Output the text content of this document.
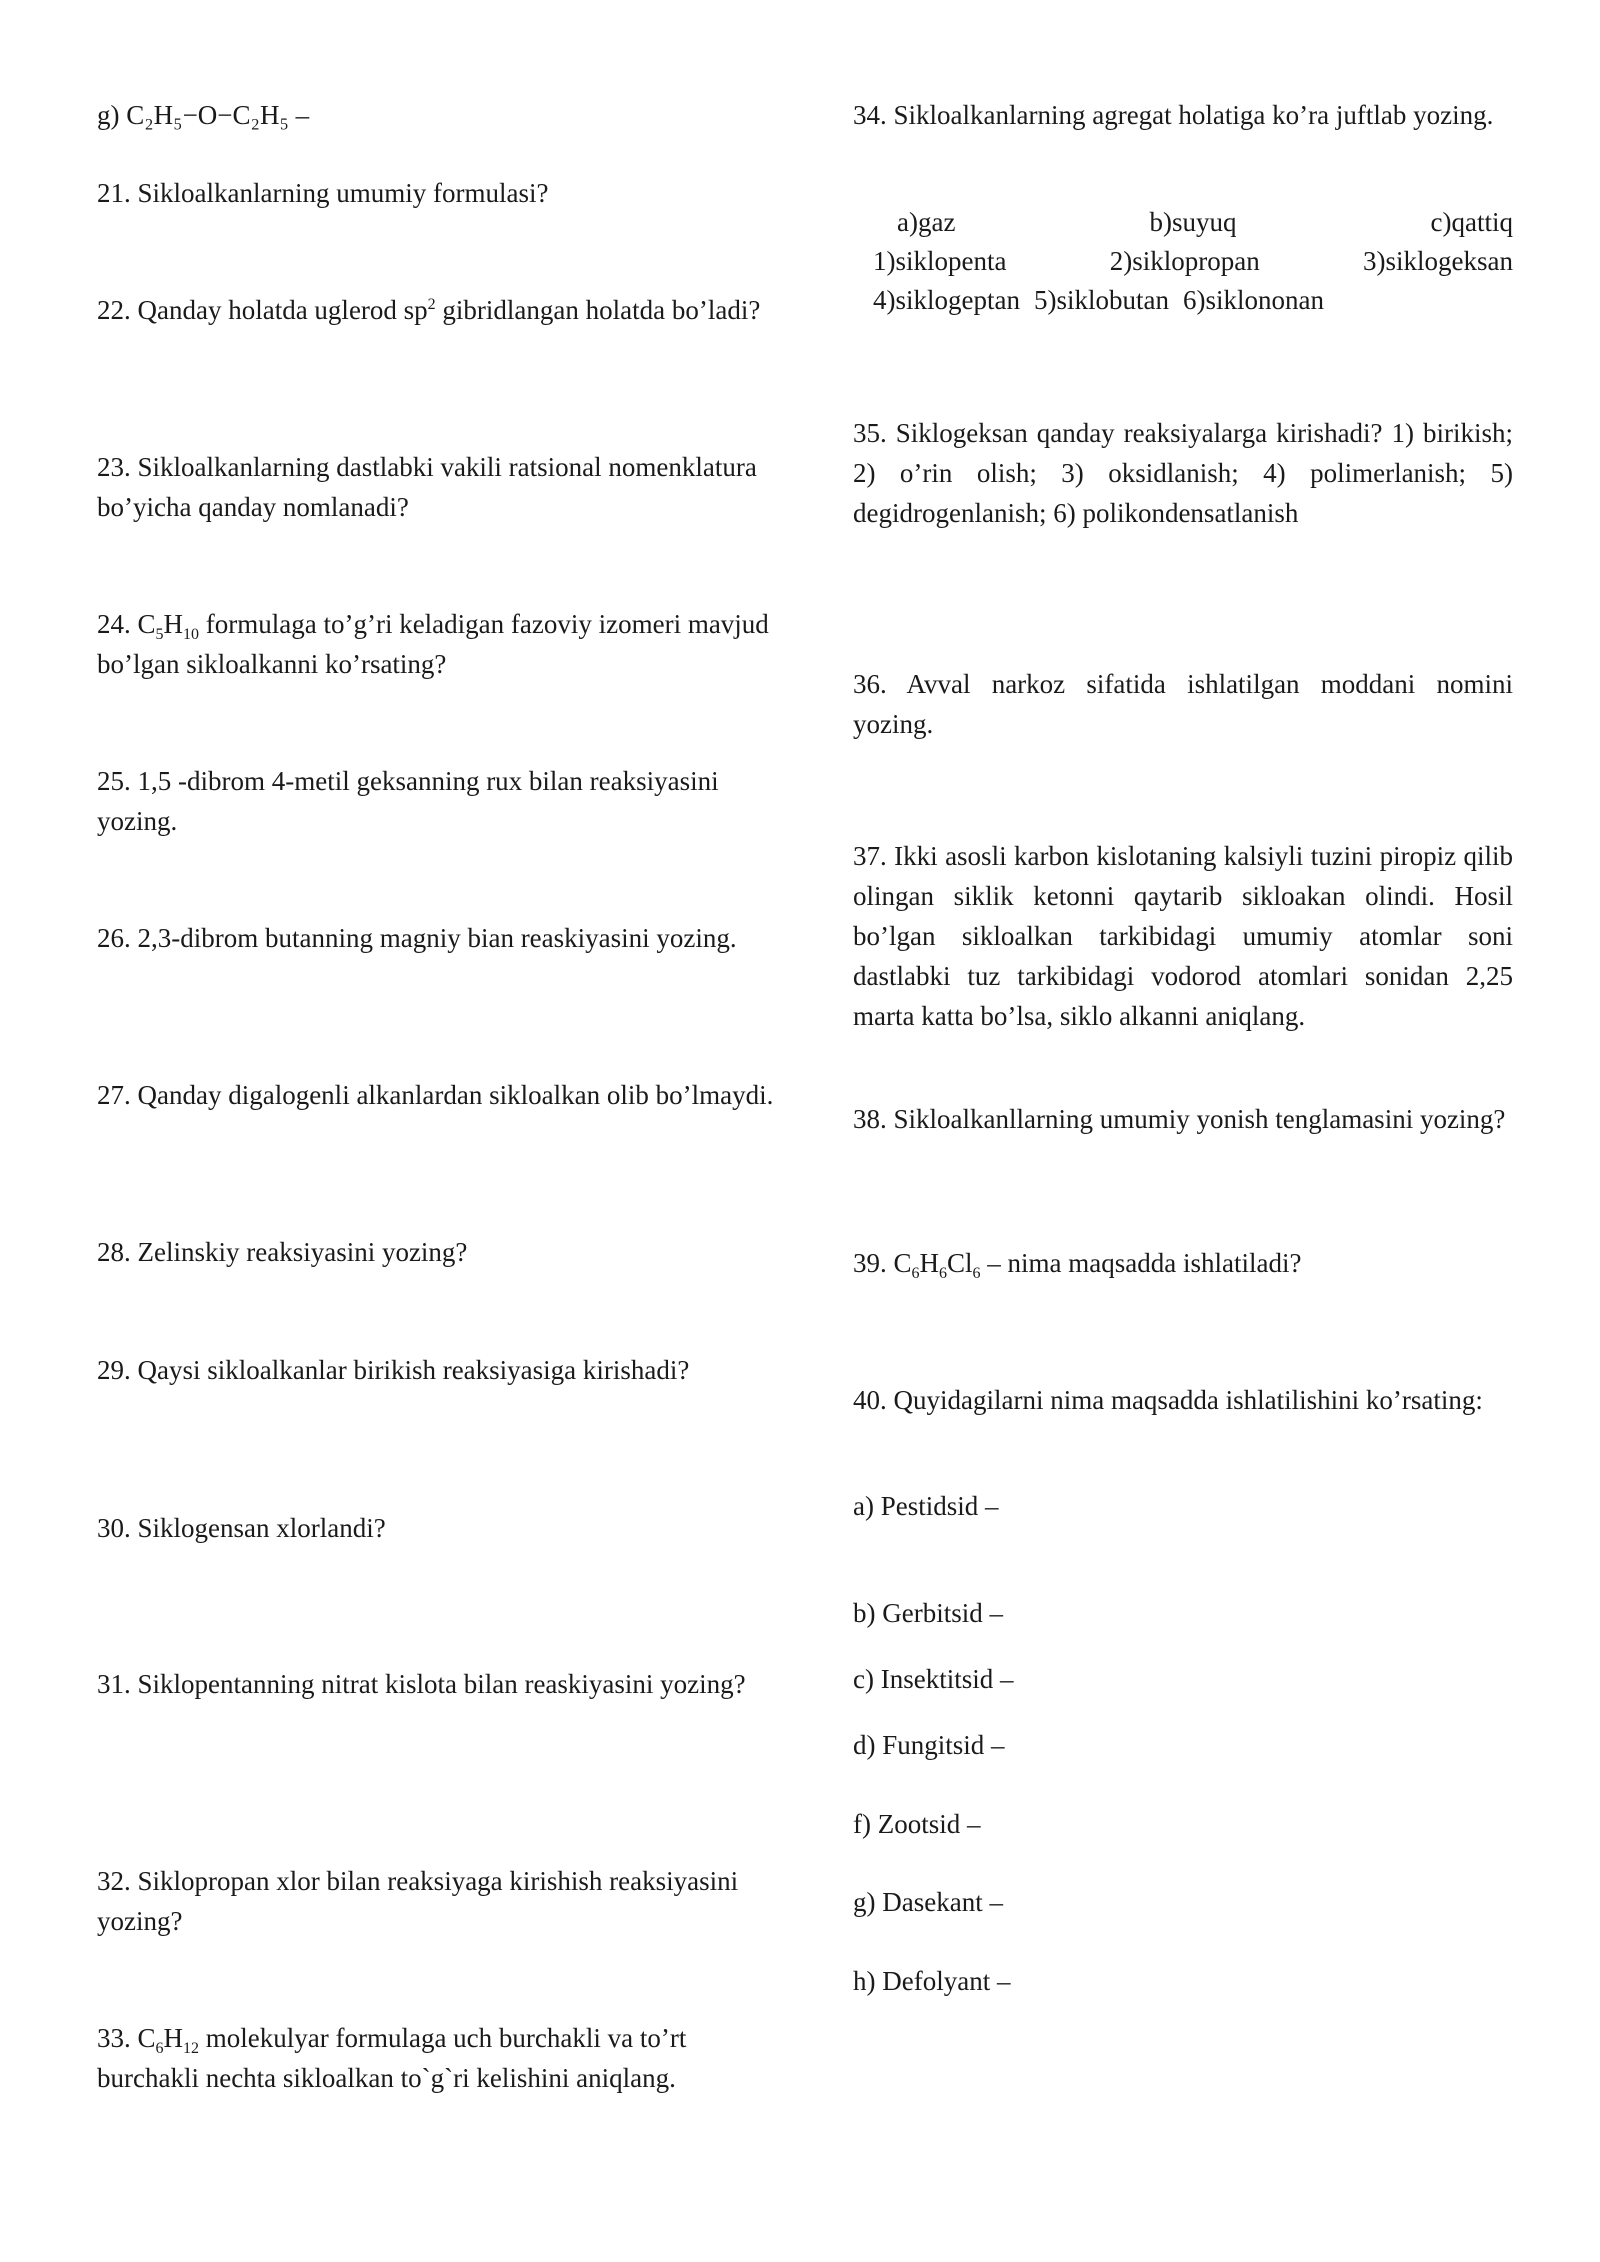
g) C₂H₅−O−C₂H₅ –

21. Sikloalkanlarning umumiy formulasi?

22. Qanday holatda uglerod $sp^2$ gibridlangan holatda bo’ladi?

23. Sikloalkanlarning dastlabki vakili ratsional nomenklatura bo’yicha qanday nomlanadi?

24. $C_5H_{10}$ formulaga to’g’ri keladigan fazoviy izomeri mavjud bo’lgan sikloalkanni ko’rsating?

25. 1,5 -dibrom 4-metil geksanning rux bilan reaksiyasini yozing.

26. 2,3-dibrom butanning magniy bian reaskiyasini yozing.

27. Qanday digalogenli alkanlardan sikloalkan olib bo’lmaydi.

28. Zelinskiy reaksiyasini yozing?

29. Qaysi sikloalkanlar birikish reaksiyasiga kirishadi?

30. Siklogensan xlorlandi?

31. Siklopentanning nitrat kislota bilan reaskiyasini yozing?

32. Siklopropan xlor bilan reaksiyaga kirishish reaksiyasini yozing?

33. $C_6H_{12}$ molekulyar formulaga uch burchakli va to’rt burchakli nechta sikloalkan to`g`ri kelishini aniqlang.

34. Sikloalkanlarning agregat holatiga ko’ra juftlab yozing.

a)gaz	b)suyuq	c)qattiq
1)siklopenta	2)siklopropan	3)siklogeksan
4)siklogeptan 5)siklobutan 6)siklononan

35. Siklogeksan qanday reaksiyalarga kirishadi? 1) birikish; 2) o’rin olish; 3) oksidlanish; 4) polimerlanish; 5) degidrogenlanish; 6) polikondensatlanish

36. Avval narkoz sifatida ishlatilgan moddani nomini yozing.

37. Ikki asosli karbon kislotaning kalsiyli tuzini piropiz qilib olingan siklik ketonni qaytarib sikloakan olindi. Hosil bo’lgan sikloalkan tarkibidagi umumiy atomlar soni dastlabki tuz tarkibidagi vodorod atomlari sonidan 2,25 marta katta bo’lsa, siklo alkanni aniqlang.

38. Sikloalkanllarning umumiy yonish tenglamasini yozing?

39. $C_6H_6Cl_6$ – nima maqsadda ishlatiladi?

40. Quyidagilarni nima maqsadda ishlatilishini ko’rsating:

a) Pestidsid –

b) Gerbitsid –

c) Insektitsid –

d) Fungitsid –

f) Zootsid –

g) Dasekant –

h) Defolyant –
